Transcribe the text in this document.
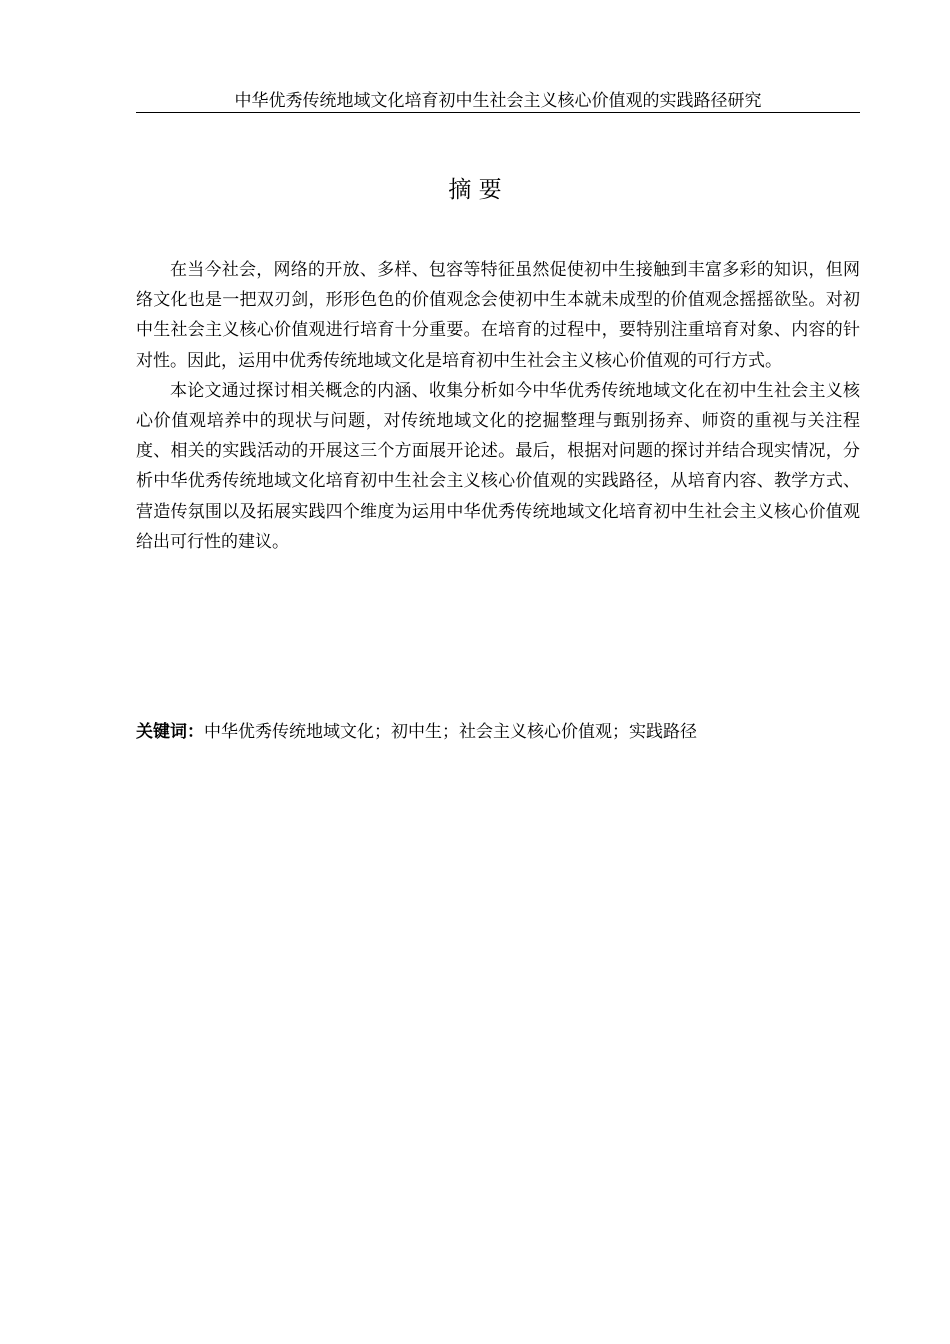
中华优秀传统地域文化培育初中生社会主义核心价值观的实践路径研究
摘 要

在当今社会，网络的开放、多样、包容等特征虽然促使初中生接触到丰富多彩的知识，但网络文化也是一把双刃剑，形形色色的价值观念会使初中生本就未成型的价值观念摇摇欲坠。对初中生社会主义核心价值观进行培育十分重要。在培育的过程中，要特别注重培育对象、内容的针对性。因此，运用中优秀传统地域文化是培育初中生社会主义核心价值观的可行方式。

本论文通过探讨相关概念的内涵、收集分析如今中华优秀传统地域文化在初中生社会主义核心价值观培养中的现状与问题，对传统地域文化的挖掘整理与甄别扬弃、师资的重视与关注程度、相关的实践活动的开展这三个方面展开论述。最后，根据对问题的探讨并结合现实情况，分析中华优秀传统地域文化培育初中生社会主义核心价值观的实践路径，从培育内容、教学方式、营造传氛围以及拓展实践四个维度为运用中华优秀传统地域文化培育初中生社会主义核心价值观给出可行性的建议。

关键词：中华优秀传统地域文化；初中生；社会主义核心价值观；实践路径
